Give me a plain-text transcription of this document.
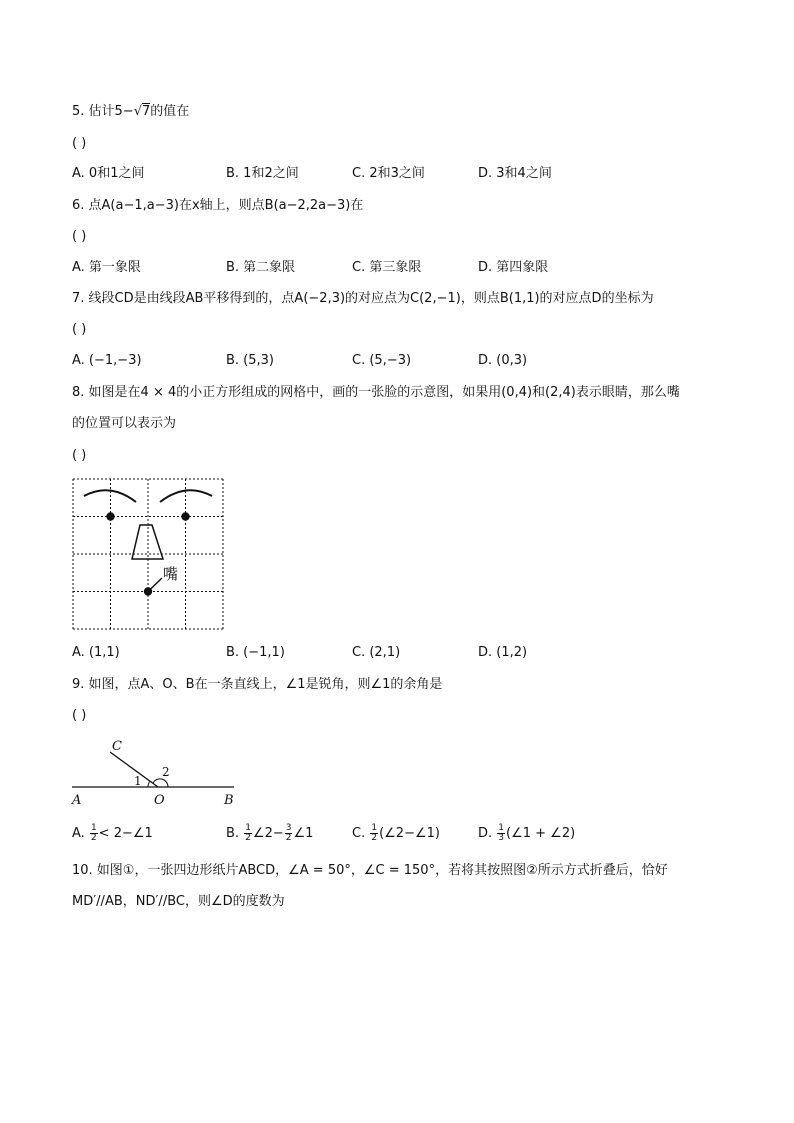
5. 估计5−√7的值在
( )
A. 0和1之间	B. 1和2之间	C. 2和3之间	D. 3和4之间
6. 点A(a−1,a−3)在x轴上，则点B(a−2,2a−3)在
( )
A. 第一象限	B. 第二象限	C. 第三象限	D. 第四象限
7. 线段CD是由线段AB平移得到的，点A(−2,3)的对应点为C(2,−1)，则点B(1,1)的对应点D的坐标为
( )
A. (−1,−3)	B. (5,3)	C. (5,−3)	D. (0,3)
8. 如图是在4 × 4的小正方形组成的网格中，画的一张脸的示意图，如果用(0,4)和(2,4)表示眼睛，那么嘴
的位置可以表示为
( )
嘴
A. (1,1)	B. (−1,1)	C. (2,1)	D. (1,2)
9. 如图，点A、O、B在一条直线上，∠1是锐角，则∠1的余角是
( )
C
1
2
A	O	B
A. $\frac{1}{2}$ < 2−∠1	B. $\frac{1}{2}$ ∠2− $\frac{3}{2}$ ∠1	C. $\frac{1}{2}$ (∠2−∠1)	D. $\frac{1}{3}$ (∠1 + ∠2)
10. 如图①，一张四边形纸片ABCD，∠A = 50°，∠C = 150°，若将其按照图②所示方式折叠后，恰好
MD′//AB，ND′//BC，则∠D的度数为
